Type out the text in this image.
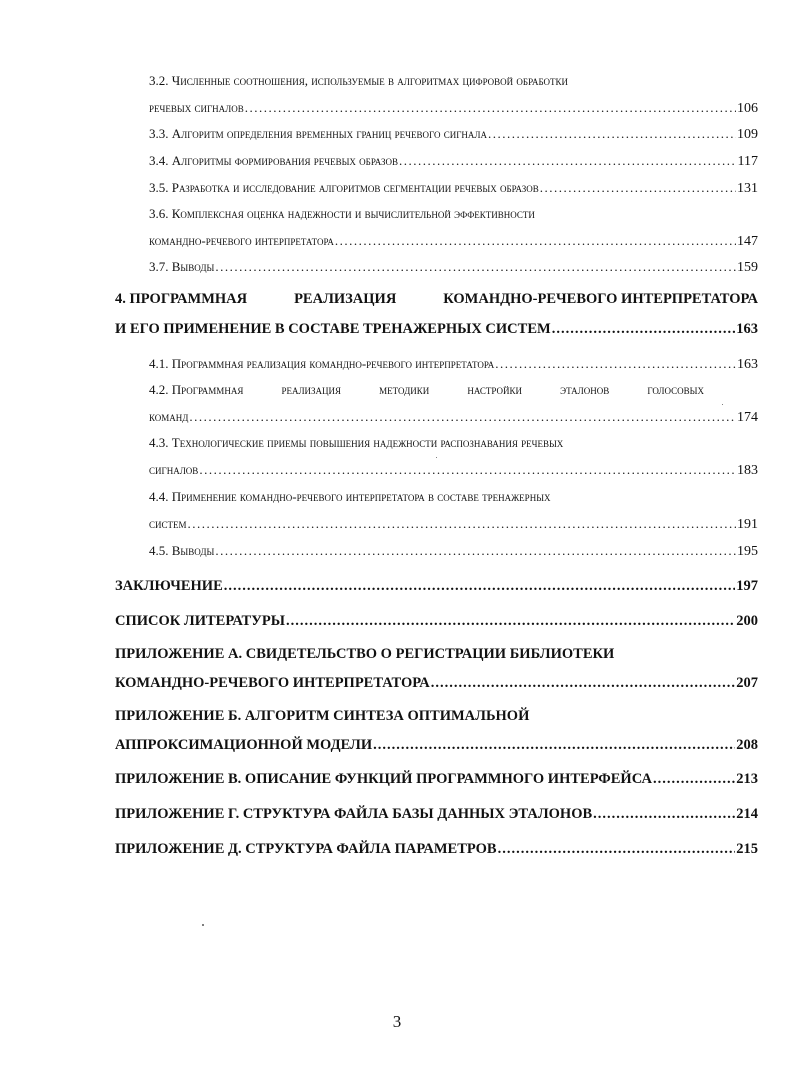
3.2. Численные соотношения, используемые в алгоритмах цифровой обработки
речевых сигналов .....	106
3.3. Алгоритм определения временных границ речевого сигнала .....	109
3.4. Алгоритмы формирования речевых образов .....	117
3.5. Разработка и исследование алгоритмов сегментации речевых образов .....	131
3.6. Комплексная оценка надежности и вычислительной эффективности
командно-речевого интерпретатора .....	147
3.7. Выводы .....	159
4. ПРОГРАММНАЯ	РЕАЛИЗАЦИЯ	КОМАНДНО-РЕЧЕВОГО ИНТЕРПРЕТАТОРА
И ЕГО ПРИМЕНЕНИЕ В СОСТАВЕ ТРЕНАЖЕРНЫХ СИСТЕМ .....	163
4.1. Программная реализация командно-речевого интерпретатора .....	163
4.2. Программная	реализация	методики	настройки	эталонов	голосовых
команд .....	174
4.3. Технологические приемы повышения надежности распознавания речевых
сигналов .....	183
4.4. Применение командно-речевого интерпретатора в составе тренажерных
систем .....	191
4.5. Выводы .....	195
ЗАКЛЮЧЕНИЕ .....	197
СПИСОК ЛИТЕРАТУРЫ .....	200
ПРИЛОЖЕНИЕ А. СВИДЕТЕЛЬСТВО О РЕГИСТРАЦИИ БИБЛИОТЕКИ
КОМАНДНО-РЕЧЕВОГО ИНТЕРПРЕТАТОРА .....	207
ПРИЛОЖЕНИЕ Б. АЛГОРИТМ СИНТЕЗА ОПТИМАЛЬНОЙ
АППРОКСИМАЦИОННОЙ МОДЕЛИ .....	208
ПРИЛОЖЕНИЕ В. ОПИСАНИЕ ФУНКЦИЙ ПРОГРАММНОГО ИНТЕРФЕЙСА .....	213
ПРИЛОЖЕНИЕ Г. СТРУКТУРА ФАЙЛА БАЗЫ ДАННЫХ ЭТАЛОНОВ .....	214
ПРИЛОЖЕНИЕ Д. СТРУКТУРА ФАЙЛА ПАРАМЕТРОВ .....	215
3
